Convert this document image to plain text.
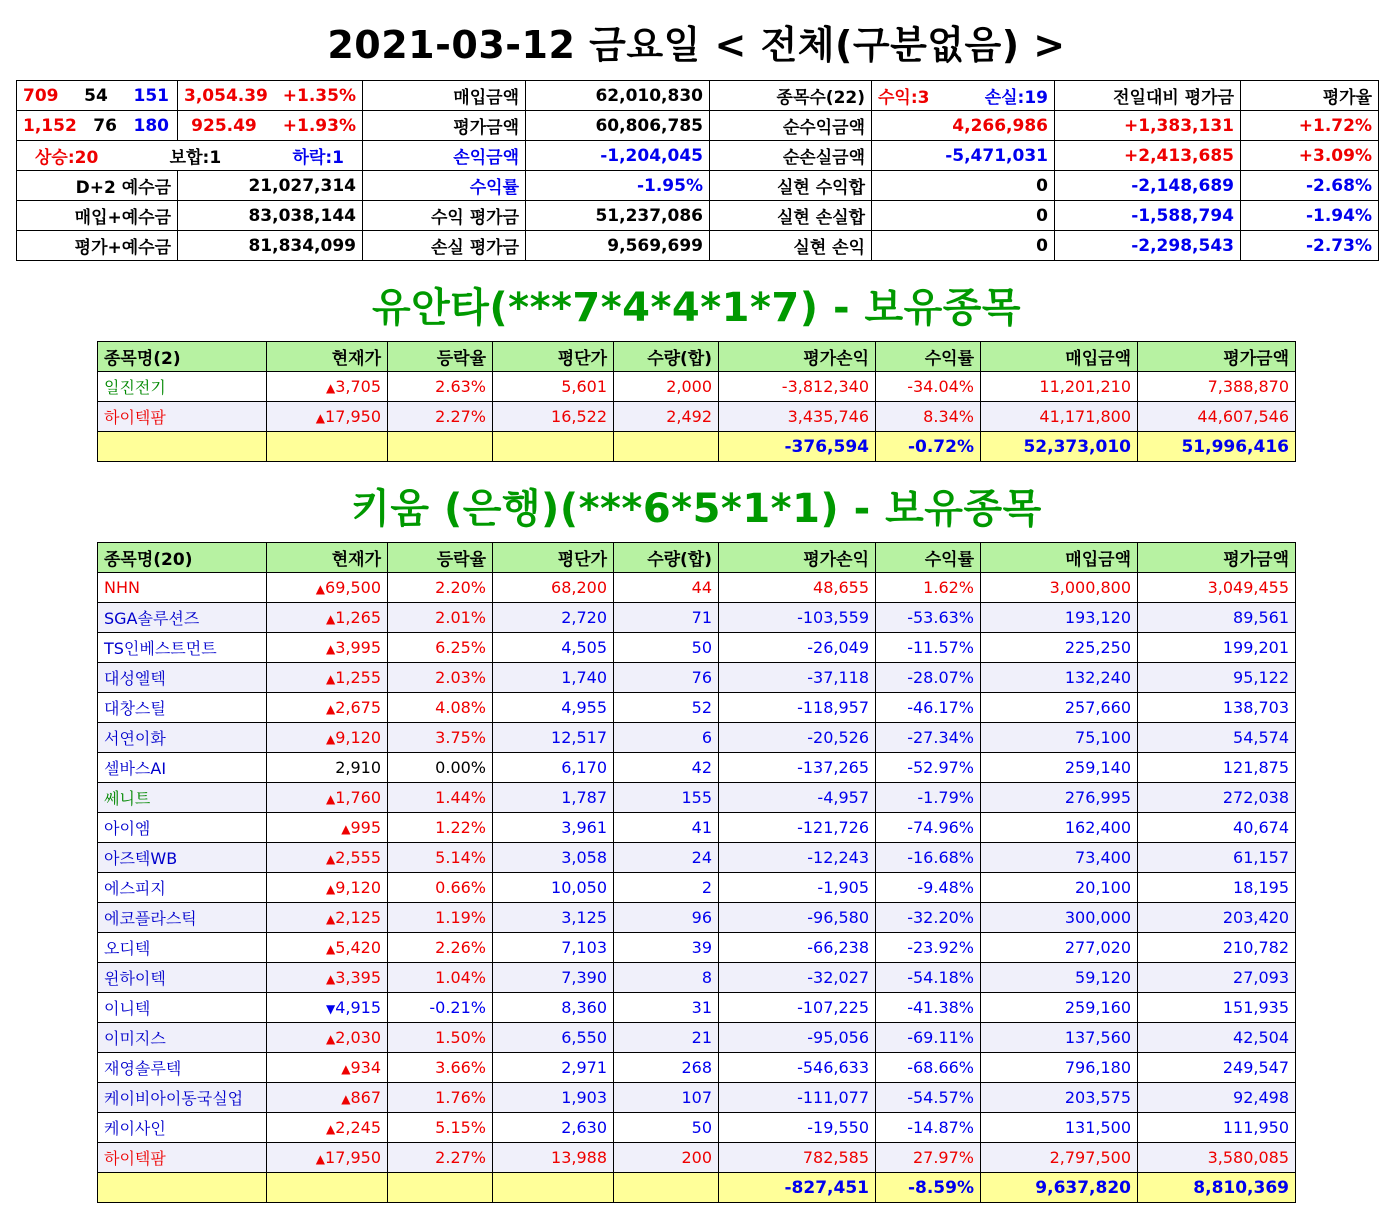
2021-03-12 금요일 < 전체(구분없음) >
709 54 151	3,054.39 +1.35%	매입금액	62,010,830	종목수(22)	수익:3 손실:19	전일대비 평가금	평가율

1,152 76 180	925.49 +1.93%	평가금액	60,806,785	순수익금액	4,266,986	+1,383,131	+1.72%

상승:20 보합:1 하락:1		손익금액	-1,204,045	순손실금액	-5,471,031	+2,413,685	+3.09%
D+2 예수금	21,027,314	수익률	-1.95%	실현 수익합	0	-2,148,689	-2.68%
매입+예수금	83,038,144	수익 평가금	51,237,086	실현 손실합	0	-1,588,794	-1.94%
평가+예수금	81,834,099	손실 평가금	9,569,699	실현 손익	0	-2,298,543	-2.73%
유안타(***7*4*4*1*7) - 보유종목
종목명(2)	현재가	등락율	평단가	수량(합)	평가손익	수익률	매입금액	평가금액
일진전기	▲3,705	2.63%	5,601	2,000	-3,812,340	-34.04%	11,201,210	7,388,870
하이텍팜	▲17,950	2.27%	16,522	2,492	3,435,746	8.34%	41,171,800	44,607,546
					-376,594	-0.72%	52,373,010	51,996,416
키움 (은행)(***6*5*1*1) - 보유종목
종목명(20)	현재가	등락율	평단가	수량(합)	평가손익	수익률	매입금액	평가금액
NHN	▲69,500	2.20%	68,200	44	48,655	1.62%	3,000,800	3,049,455
SGA솔루션즈	▲1,265	2.01%	2,720	71	-103,559	-53.63%	193,120	89,561
TS인베스트먼트	▲3,995	6.25%	4,505	50	-26,049	-11.57%	225,250	199,201
대성엘텍	▲1,255	2.03%	1,740	76	-37,118	-28.07%	132,240	95,122
대창스틸	▲2,675	4.08%	4,955	52	-118,957	-46.17%	257,660	138,703
서연이화	▲9,120	3.75%	12,517	6	-20,526	-27.34%	75,100	54,574
셀바스AI	2,910	0.00%	6,170	42	-137,265	-52.97%	259,140	121,875
쎄니트	▲1,760	1.44%	1,787	155	-4,957	-1.79%	276,995	272,038
아이엠	▲995	1.22%	3,961	41	-121,726	-74.96%	162,400	40,674
아즈텍WB	▲2,555	5.14%	3,058	24	-12,243	-16.68%	73,400	61,157
에스피지	▲9,120	0.66%	10,050	2	-1,905	-9.48%	20,100	18,195
에코플라스틱	▲2,125	1.19%	3,125	96	-96,580	-32.20%	300,000	203,420
오디텍	▲5,420	2.26%	7,103	39	-66,238	-23.92%	277,020	210,782
윈하이텍	▲3,395	1.04%	7,390	8	-32,027	-54.18%	59,120	27,093
이니텍	▼4,915	-0.21%	8,360	31	-107,225	-41.38%	259,160	151,935
이미지스	▲2,030	1.50%	6,550	21	-95,056	-69.11%	137,560	42,504
재영솔루텍	▲934	3.66%	2,971	268	-546,633	-68.66%	796,180	249,547
케이비아이동국실업	▲867	1.76%	1,903	107	-111,077	-54.57%	203,575	92,498
케이사인	▲2,245	5.15%	2,630	50	-19,550	-14.87%	131,500	111,950
하이텍팜	▲17,950	2.27%	13,988	200	782,585	27.97%	2,797,500	3,580,085
					-827,451	-8.59%	9,637,820	8,810,369
